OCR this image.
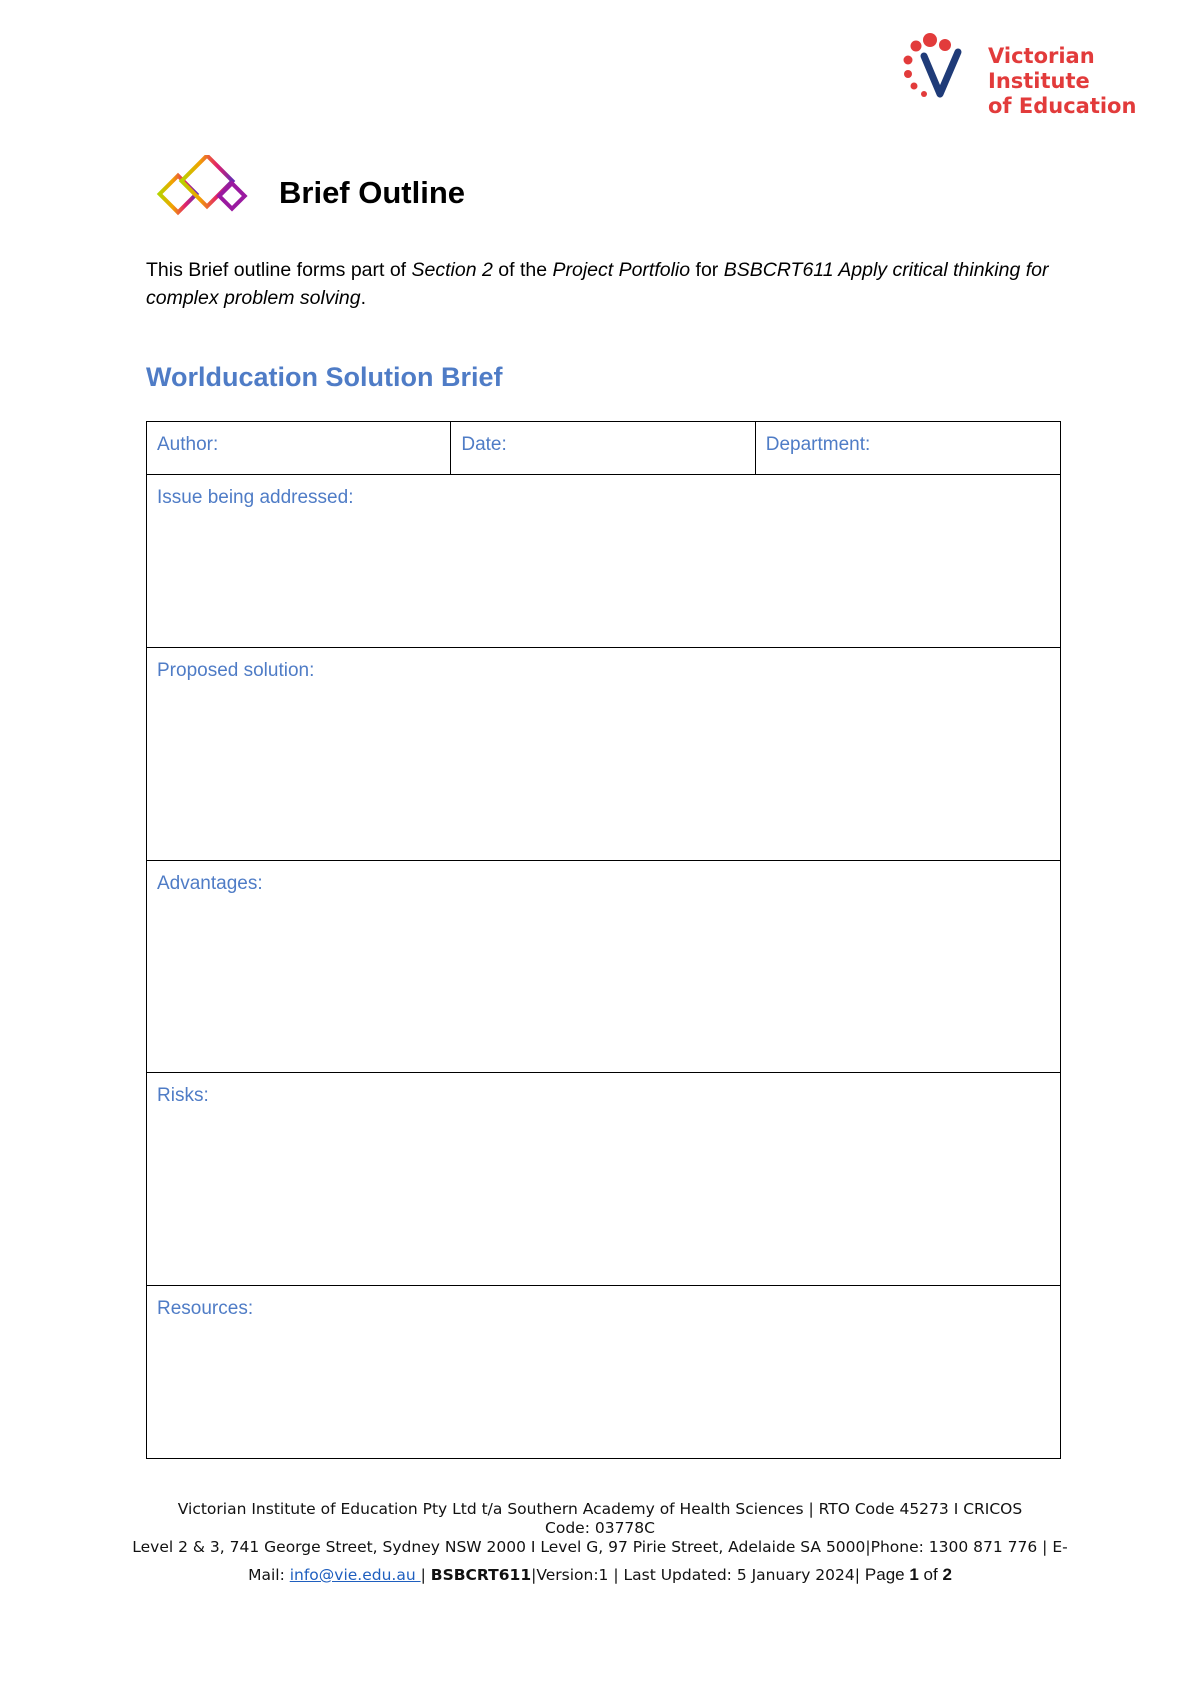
Victorian Institute
of Education
Brief Outline
This Brief outline forms part of Section 2 of the Project Portfolio for BSBCRT611 Apply critical thinking for complex problem solving.
Worlducation Solution Brief
Author:	Date:	Department:
Issue being addressed:
Proposed solution:
Advantages:
Risks:
Resources:
Victorian Institute of Education Pty Ltd t/a Southern Academy of Health Sciences | RTO Code 45273 I CRICOS
Code: 03778C
Level 2 & 3, 741 George Street, Sydney NSW 2000 I Level G, 97 Pirie Street, Adelaide SA 5000|Phone: 1300 871 776 | E-
Mail: info@vie.edu.au | BSBCRT611|Version:1 | Last Updated: 5 January 2024| Page 1 of 2
